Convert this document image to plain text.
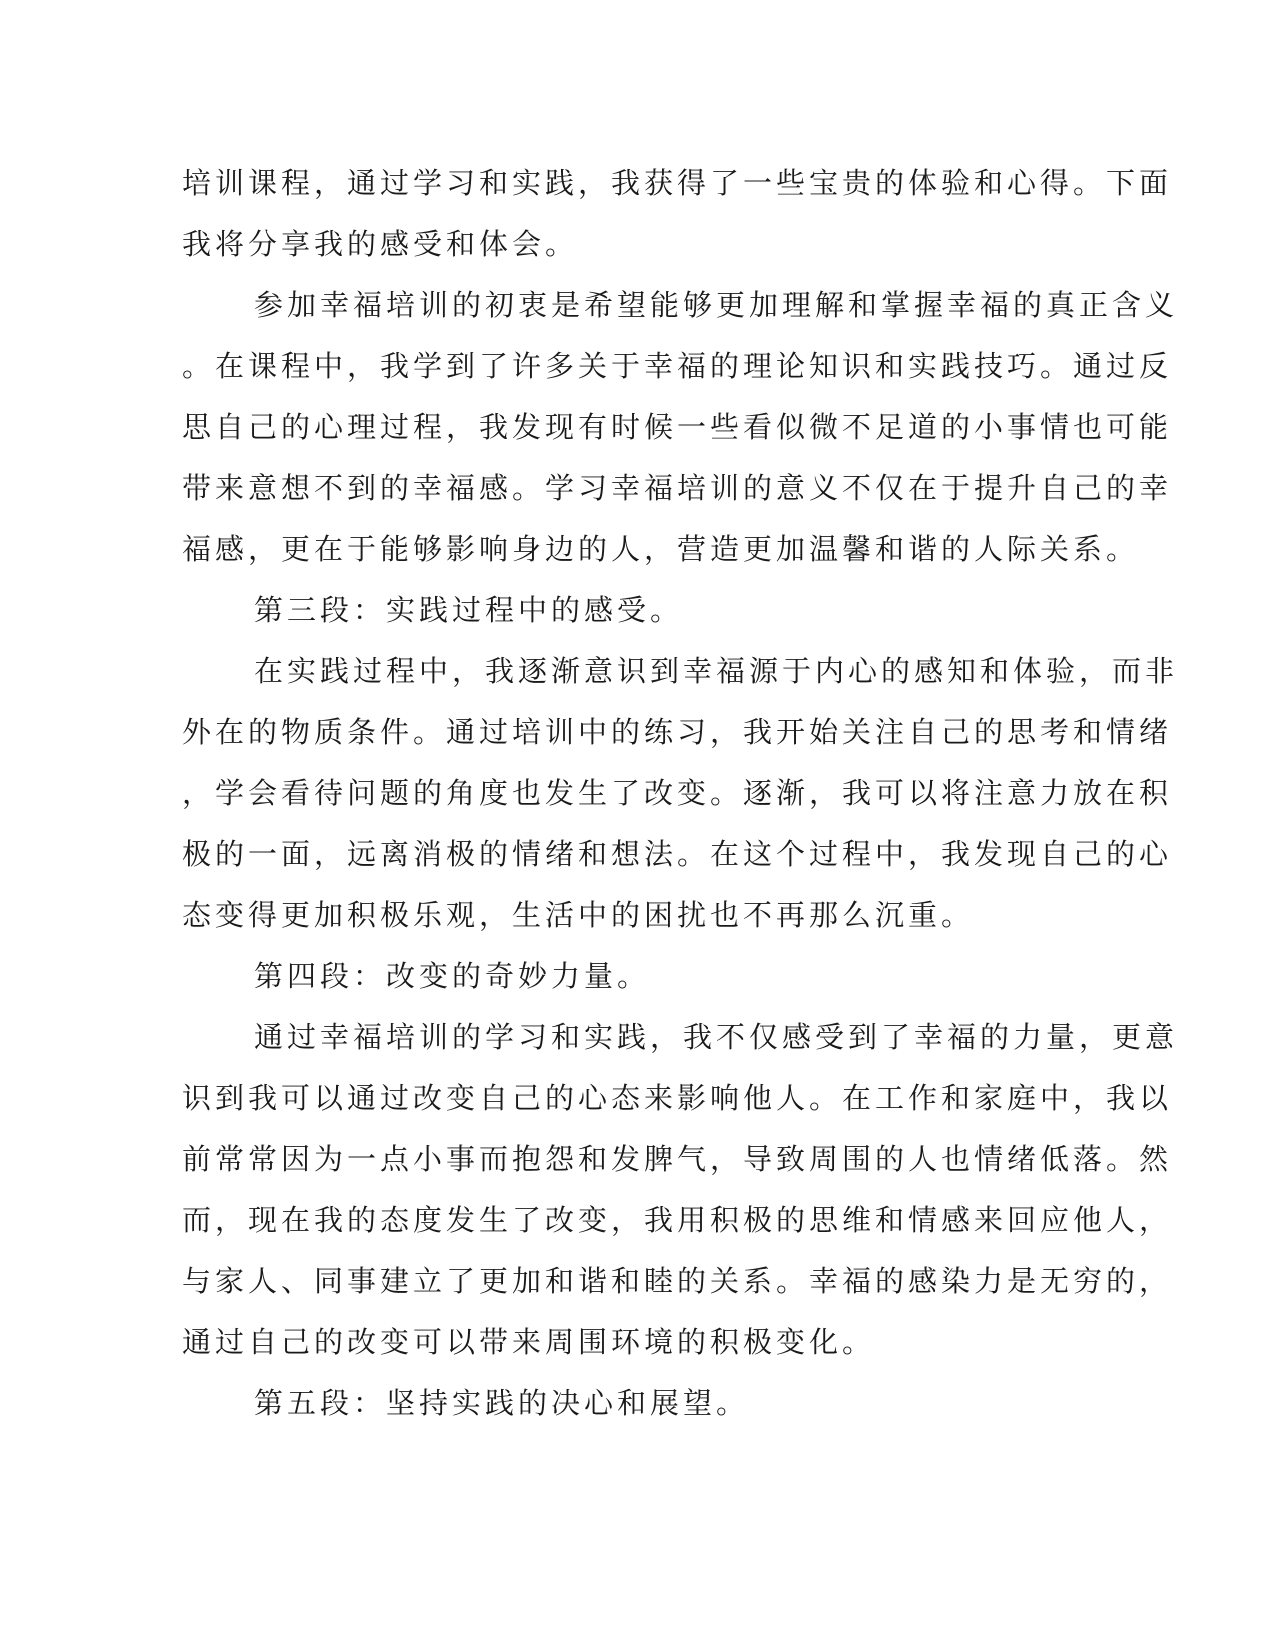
培训课程，通过学习和实践，我获得了一些宝贵的体验和心得。下面
我将分享我的感受和体会。
参加幸福培训的初衷是希望能够更加理解和掌握幸福的真正含义
。在课程中，我学到了许多关于幸福的理论知识和实践技巧。通过反
思自己的心理过程，我发现有时候一些看似微不足道的小事情也可能
带来意想不到的幸福感。学习幸福培训的意义不仅在于提升自己的幸
福感，更在于能够影响身边的人，营造更加温馨和谐的人际关系。
第三段：实践过程中的感受。
在实践过程中，我逐渐意识到幸福源于内心的感知和体验，而非
外在的物质条件。通过培训中的练习，我开始关注自己的思考和情绪
，学会看待问题的角度也发生了改变。逐渐，我可以将注意力放在积
极的一面，远离消极的情绪和想法。在这个过程中，我发现自己的心
态变得更加积极乐观，生活中的困扰也不再那么沉重。
第四段：改变的奇妙力量。
通过幸福培训的学习和实践，我不仅感受到了幸福的力量，更意
识到我可以通过改变自己的心态来影响他人。在工作和家庭中，我以
前常常因为一点小事而抱怨和发脾气，导致周围的人也情绪低落。然
而，现在我的态度发生了改变，我用积极的思维和情感来回应他人，
与家人、同事建立了更加和谐和睦的关系。幸福的感染力是无穷的，
通过自己的改变可以带来周围环境的积极变化。
第五段：坚持实践的决心和展望。
